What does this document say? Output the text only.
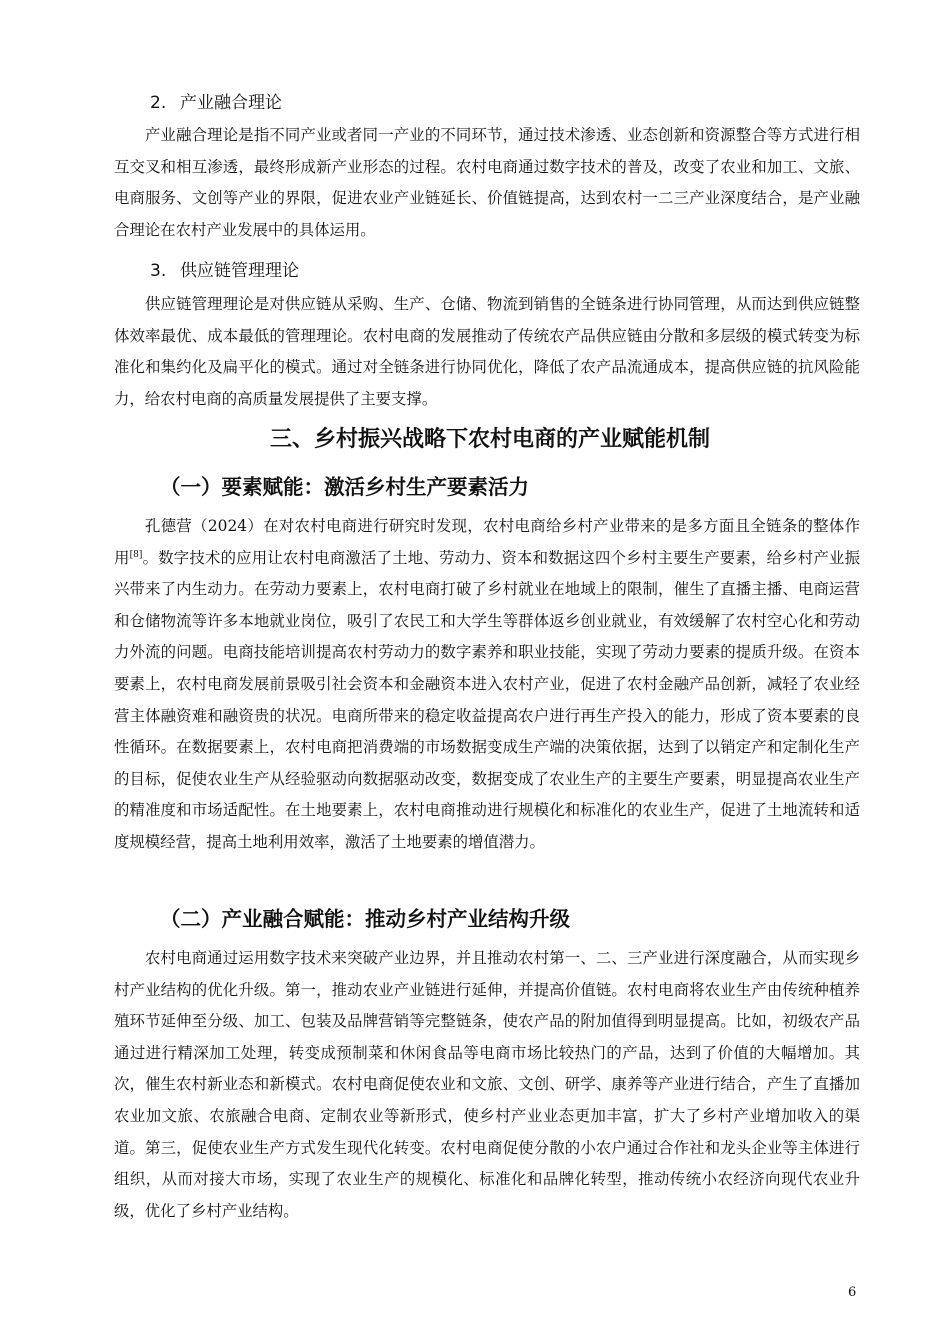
2. 产业融合理论

产业融合理论是指不同产业或者同一产业的不同环节，通过技术渗透、业态创新和资源整合等方式进行相互交叉和相互渗透，最终形成新产业形态的过程。农村电商通过数字技术的普及，改变了农业和加工、文旅、电商服务、文创等产业的界限，促进农业产业链延长、价值链提高，达到农村一二三产业深度结合，是产业融合理论在农村产业发展中的具体运用。

3. 供应链管理理论

供应链管理理论是对供应链从采购、生产、仓储、物流到销售的全链条进行协同管理，从而达到供应链整体效率最优、成本最低的管理理论。农村电商的发展推动了传统农产品供应链由分散和多层级的模式转变为标准化和集约化及扁平化的模式。通过对全链条进行协同优化，降低了农产品流通成本，提高供应链的抗风险能力，给农村电商的高质量发展提供了主要支撑。

三、乡村振兴战略下农村电商的产业赋能机制
（一）要素赋能：激活乡村生产要素活力

孔德营（2024）在对农村电商进行研究时发现，农村电商给乡村产业带来的是多方面且全链条的整体作用[8]。数字技术的应用让农村电商激活了土地、劳动力、资本和数据这四个乡村主要生产要素，给乡村产业振兴带来了内生动力。在劳动力要素上，农村电商打破了乡村就业在地域上的限制，催生了直播主播、电商运营和仓储物流等许多本地就业岗位，吸引了农民工和大学生等群体返乡创业就业，有效缓解了农村空心化和劳动力外流的问题。电商技能培训提高农村劳动力的数字素养和职业技能，实现了劳动力要素的提质升级。在资本要素上，农村电商发展前景吸引社会资本和金融资本进入农村产业，促进了农村金融产品创新，减轻了农业经营主体融资难和融资贵的状况。电商所带来的稳定收益提高农户进行再生产投入的能力，形成了资本要素的良性循环。在数据要素上，农村电商把消费端的市场数据变成生产端的决策依据，达到了以销定产和定制化生产的目标，促使农业生产从经验驱动向数据驱动改变，数据变成了农业生产的主要生产要素，明显提高农业生产的精准度和市场适配性。在土地要素上，农村电商推动进行规模化和标准化的农业生产，促进了土地流转和适度规模经营，提高土地利用效率，激活了土地要素的增值潜力。

（二）产业融合赋能：推动乡村产业结构升级

农村电商通过运用数字技术来突破产业边界，并且推动农村第一、二、三产业进行深度融合，从而实现乡村产业结构的优化升级。第一，推动农业产业链进行延伸，并提高价值链。农村电商将农业生产由传统种植养殖环节延伸至分级、加工、包装及品牌营销等完整链条，使农产品的附加值得到明显提高。比如，初级农产品通过进行精深加工处理，转变成预制菜和休闲食品等电商市场比较热门的产品，达到了价值的大幅增加。其次，催生农村新业态和新模式。农村电商促使农业和文旅、文创、研学、康养等产业进行结合，产生了直播加农业加文旅、农旅融合电商、定制农业等新形式，使乡村产业业态更加丰富，扩大了乡村产业增加收入的渠道。第三，促使农业生产方式发生现代化转变。农村电商促使分散的小农户通过合作社和龙头企业等主体进行组织，从而对接大市场，实现了农业生产的规模化、标准化和品牌化转型，推动传统小农经济向现代农业升级，优化了乡村产业结构。

6
